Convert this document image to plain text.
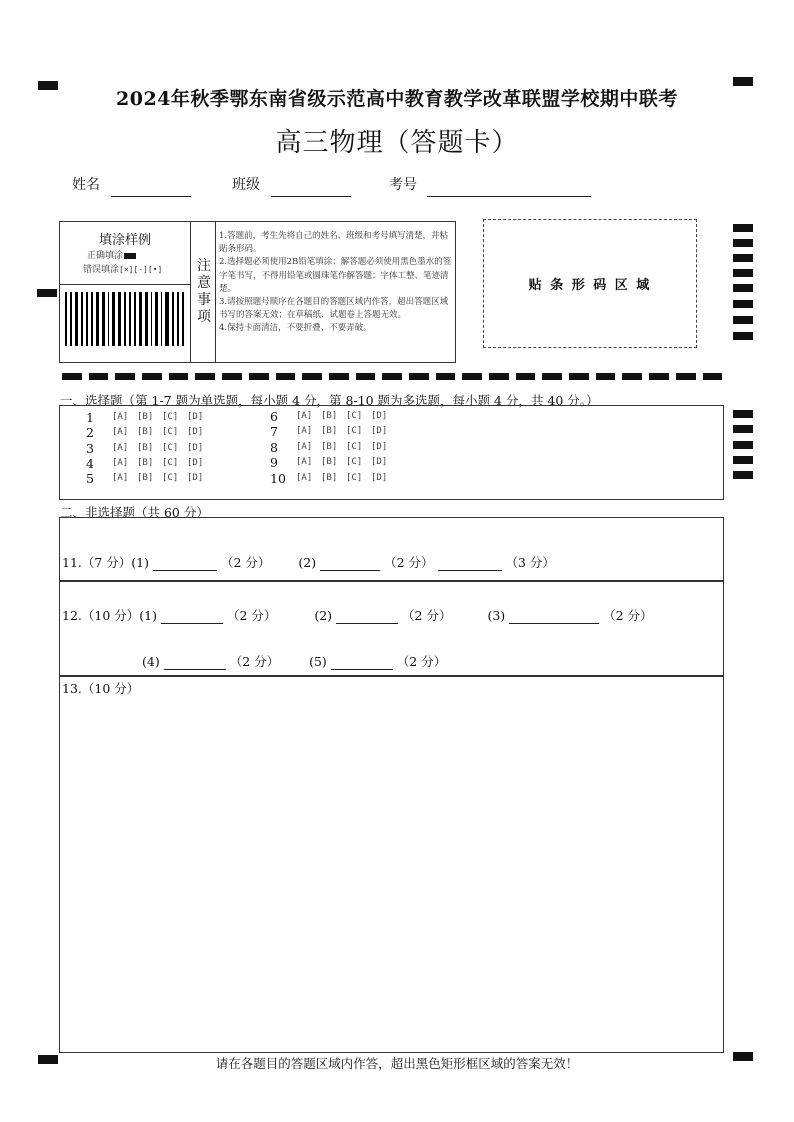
2024年秋季鄂东南省级示范高中教育教学改革联盟学校期中联考
高三物理（答题卡）
姓名	班级	考号
填涂样例
正确填涂
错误填涂[×][-][•] 注意事项
1.答题前，考生先将自己的姓名、班级和考号填写清楚，并粘贴条形码。
2.选择题必须使用2B铅笔填涂；解答题必须使用黑色墨水的签字笔书写，不得用铅笔或圆珠笔作解答题：字体工整、笔迹清楚。
3.请按照题号顺序在各题目的答题区域内作答，超出答题区域书写的答案无效；在草稿纸、试题卷上答题无效。
4.保持卡面清洁，不要折叠、不要弄破。
贴 条 形 码 区 域
一、选择题（第 1-7 题为单选题，每小题 4 分，第 8-10 题为多选题，每小题 4 分，共 40 分。）
1	[A] [B] [C] [D]
2	[A] [B] [C] [D]
3	[A] [B] [C] [D]
4	[A] [B] [C] [D]
5	[A] [B] [C] [D]
6	[A] [B] [C] [D]
7	[A] [B] [C] [D]
8	[A] [B] [C] [D]
9	[A] [B] [C] [D]
10	[A] [B] [C] [D]
二、非选择题（共 60 分）
11.（7 分）(1)	（2 分） (2)	（2 分）	（3 分）
12.（10 分）(1)	（2 分）	(2)	（2 分）	(3)	（2 分）
(4)	（2 分） (5)	（2 分）
13.（10 分）
请在各题目的答题区域内作答，超出黑色矩形框区域的答案无效！
